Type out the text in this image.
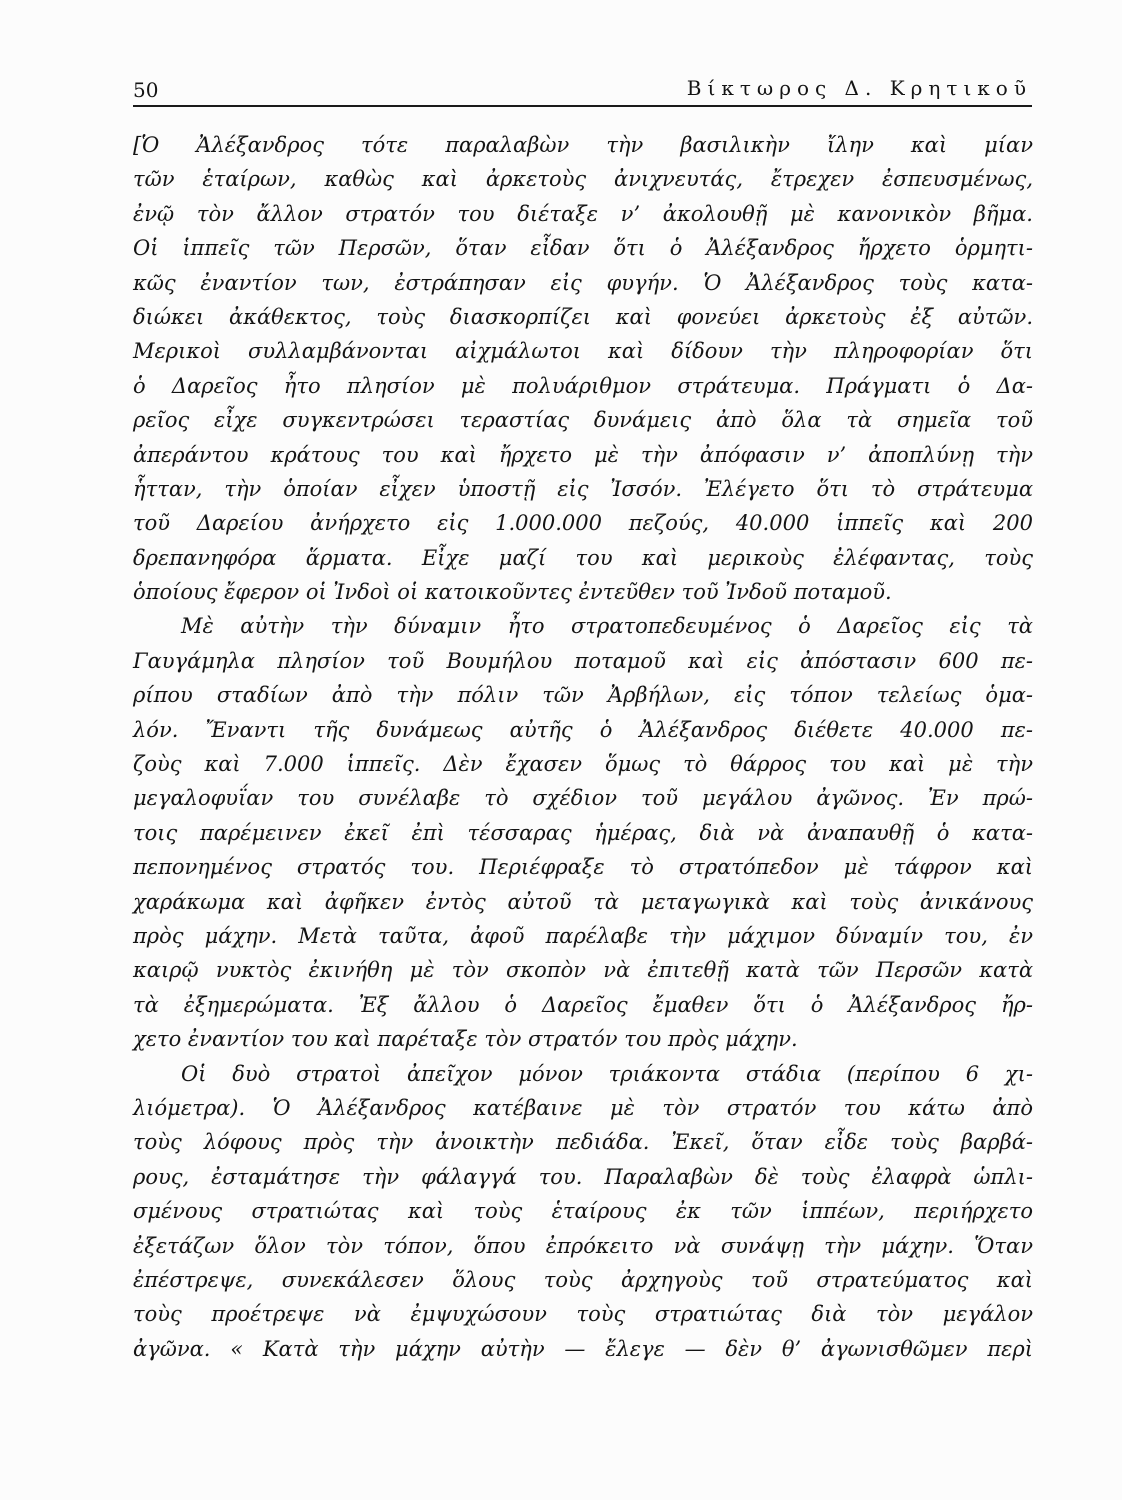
50	Βίκτωρος Δ. Κρητικοῦ
[Ὁ Ἀλέξανδρος τότε παραλαβὼν τὴν βασιλικὴν ἴλην καὶ μίαν
τῶν ἑταίρων, καθὼς καὶ ἀρκετοὺς ἀνιχνευτάς, ἔτρεχεν ἐσπευσμένως,
ἐνῷ τὸν ἄλλον στρατόν του διέταξε ν’ ἀκολουθῇ μὲ κανονικὸν βῆμα.
Οἱ ἱππεῖς τῶν Περσῶν, ὅταν εἶδαν ὅτι ὁ Ἀλέξανδρος ἤρχετο ὁρμητι-
κῶς ἐναντίον των, ἐστράπησαν εἰς φυγήν. Ὁ Ἀλέξανδρος τοὺς κατα-
διώκει ἀκάθεκτος, τοὺς διασκορπίζει καὶ φονεύει ἀρκετοὺς ἐξ αὐτῶν.
Μερικοὶ συλλαμβάνονται αἰχμάλωτοι καὶ δίδουν τὴν πληροφορίαν ὅτι
ὁ Δαρεῖος ἦτο πλησίον μὲ πολυάριθμον στράτευμα. Πράγματι ὁ Δα-
ρεῖος εἶχε συγκεντρώσει τεραστίας δυνάμεις ἀπὸ ὅλα τὰ σημεῖα τοῦ
ἀπεράντου κράτους του καὶ ἤρχετο μὲ τὴν ἀπόφασιν ν’ ἀποπλύνῃ τὴν
ἧτταν, τὴν ὁποίαν εἶχεν ὑποστῇ εἰς Ἰσσόν. Ἐλέγετο ὅτι τὸ στράτευμα
τοῦ Δαρείου ἀνήρχετο εἰς 1.000.000 πεζούς, 40.000 ἱππεῖς καὶ 200
δρεπανηφόρα ἅρματα. Εἶχε μαζί του καὶ μερικοὺς ἐλέφαντας, τοὺς
ὁποίους ἔφερον οἱ Ἰνδοὶ οἱ κατοικοῦντες ἐντεῦθεν τοῦ Ἰνδοῦ ποταμοῦ.
Μὲ αὐτὴν τὴν δύναμιν ἦτο στρατοπεδευμένος ὁ Δαρεῖος εἰς τὰ
Γαυγάμηλα πλησίον τοῦ Βουμήλου ποταμοῦ καὶ εἰς ἀπόστασιν 600 πε-
ρίπου σταδίων ἀπὸ τὴν πόλιν τῶν Ἀρβήλων, εἰς τόπον τελείως ὁμα-
λόν. Ἔναντι τῆς δυνάμεως αὐτῆς ὁ Ἀλέξανδρος διέθετε 40.000 πε-
ζοὺς καὶ 7.000 ἱππεῖς. Δὲν ἔχασεν ὅμως τὸ θάρρος του καὶ μὲ τὴν
μεγαλοφυΐαν του συνέλαβε τὸ σχέδιον τοῦ μεγάλου ἀγῶνος. Ἐν πρώ-
τοις παρέμεινεν ἐκεῖ ἐπὶ τέσσαρας ἡμέρας, διὰ νὰ ἀναπαυθῇ ὁ κατα-
πεπονημένος στρατός του. Περιέφραξε τὸ στρατόπεδον μὲ τάφρον καὶ
χαράκωμα καὶ ἀφῆκεν ἐντὸς αὐτοῦ τὰ μεταγωγικὰ καὶ τοὺς ἀνικάνους
πρὸς μάχην. Μετὰ ταῦτα, ἀφοῦ παρέλαβε τὴν μάχιμον δύναμίν του, ἐν
καιρῷ νυκτὸς ἐκινήθη μὲ τὸν σκοπὸν νὰ ἐπιτεθῇ κατὰ τῶν Περσῶν κατὰ
τὰ ἐξημερώματα. Ἐξ ἄλλου ὁ Δαρεῖος ἔμαθεν ὅτι ὁ Ἀλέξανδρος ἤρ-
χετο ἐναντίον του καὶ παρέταξε τὸν στρατόν του πρὸς μάχην.
Οἱ δυὸ στρατοὶ ἀπεῖχον μόνον τριάκοντα στάδια (περίπου 6 χι-
λιόμετρα). Ὁ Ἀλέξανδρος κατέβαινε μὲ τὸν στρατόν του κάτω ἀπὸ
τοὺς λόφους πρὸς τὴν ἀνοικτὴν πεδιάδα. Ἐκεῖ, ὅταν εἶδε τοὺς βαρβά-
ρους, ἐσταμάτησε τὴν φάλαγγά του. Παραλαβὼν δὲ τοὺς ἐλαφρὰ ὡπλι-
σμένους στρατιώτας καὶ τοὺς ἑταίρους ἐκ τῶν ἱππέων, περιήρχετο
ἐξετάζων ὅλον τὸν τόπον, ὅπου ἐπρόκειτο νὰ συνάψῃ τὴν μάχην. Ὅταν
ἐπέστρεψε, συνεκάλεσεν ὅλους τοὺς ἀρχηγοὺς τοῦ στρατεύματος καὶ
τοὺς προέτρεψε νὰ ἐμψυχώσουν τοὺς στρατιώτας διὰ τὸν μεγάλον
ἀγῶνα. « Κατὰ τὴν μάχην αὐτὴν — ἔλεγε — δὲν θ’ ἀγωνισθῶμεν περὶ
